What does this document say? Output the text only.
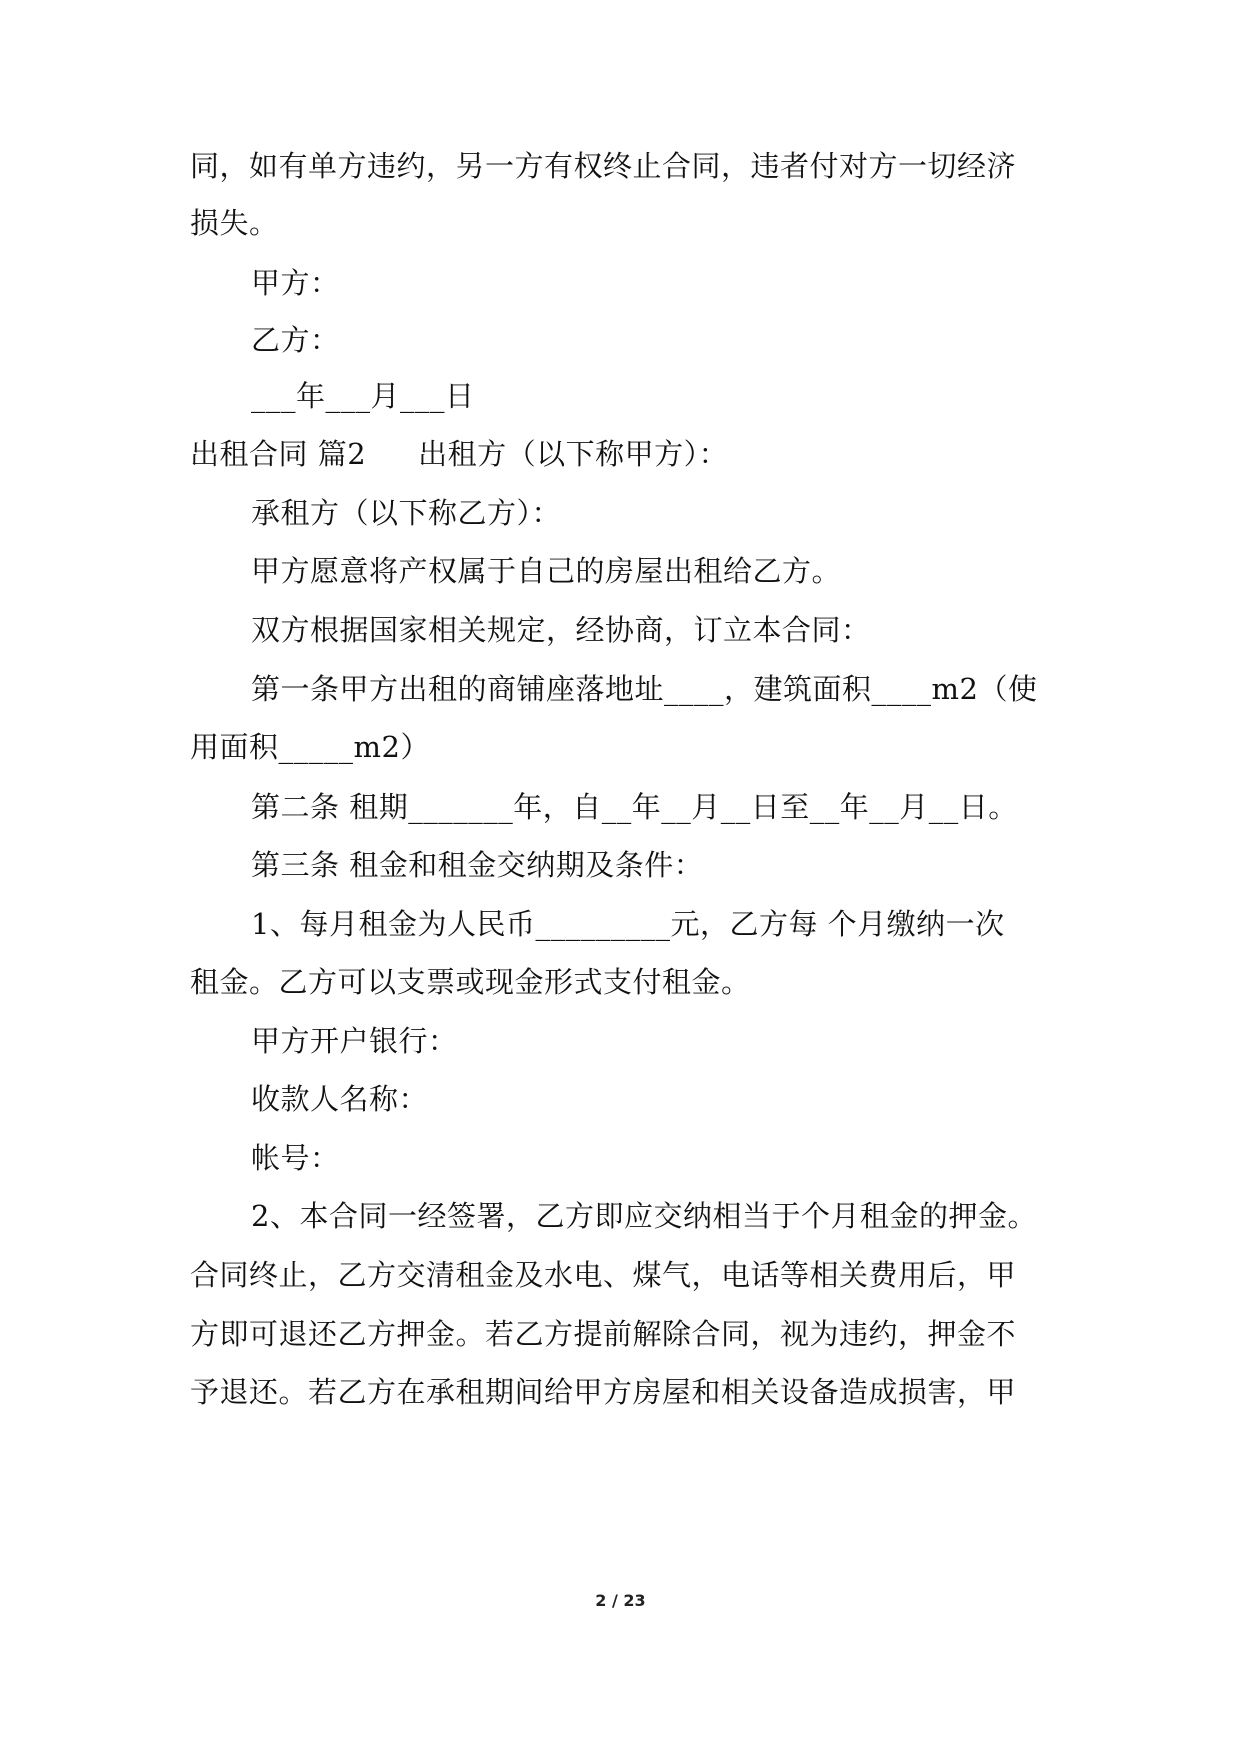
同，如有单方违约，另一方有权终止合同，违者付对方一切经济
损失。
甲方：
乙方：
___年___月___日
出租合同 篇2 出租方（以下称甲方）：
承租方（以下称乙方）：
甲方愿意将产权属于自己的房屋出租给乙方。
双方根据国家相关规定，经协商，订立本合同：
第一条甲方出租的商铺座落地址____，建筑面积____m2（使
用面积_____m2）
第二条 租期_______年，自__年__月__日至__年__月__日。
第三条 租金和租金交纳期及条件：
1、每月租金为人民币_________元，乙方每 个月缴纳一次
租金。乙方可以支票或现金形式支付租金。
甲方开户银行：
收款人名称：
帐号：
2、本合同一经签署，乙方即应交纳相当于个月租金的押金。
合同终止，乙方交清租金及水电、煤气，电话等相关费用后，甲
方即可退还乙方押金。若乙方提前解除合同，视为违约，押金不
予退还。若乙方在承租期间给甲方房屋和相关设备造成损害，甲
2 / 23
